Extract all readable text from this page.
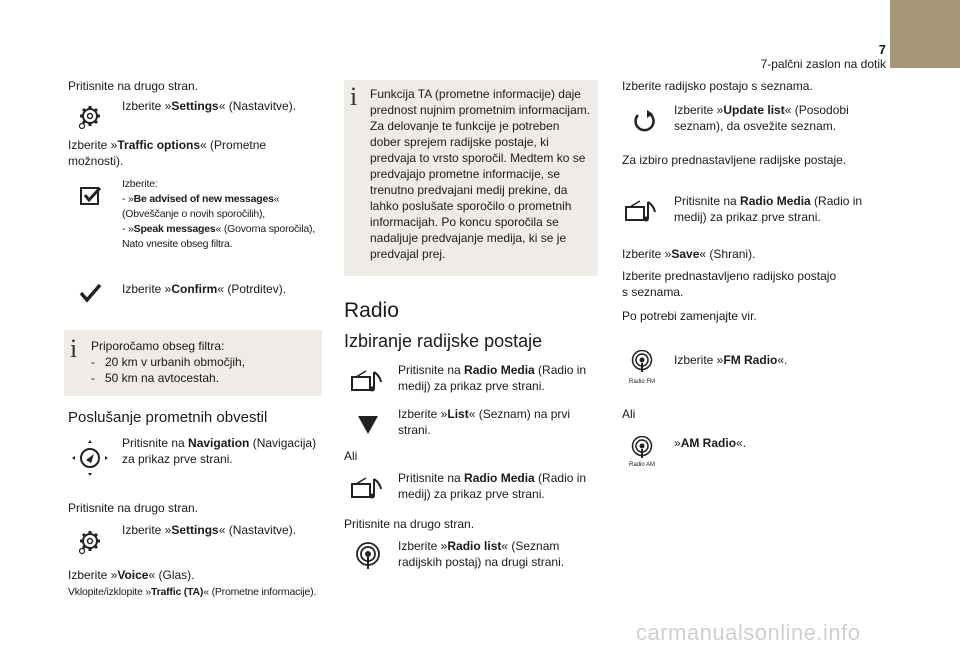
7
7-palčni zaslon na dotik

Pritisnite na drugo stran.

Izberite »Settings« (Nastavitve).

Izberite »Traffic options« (Prometne možnosti).

Izberite:
- »Be advised of new messages« (Obveščanje o novih sporočilih),
- »Speak messages« (Govorna sporočila),
Nato vnesite obseg filtra.

Izberite »Confirm« (Potrditev).

i Priporočamo obseg filtra:

-   20 km v urbanih območjih,

-   50 km na avtocestah.

Poslušanje prometnih obvestil

Pritisnite na Navigation (Navigacija) za prikaz prve strani.

Pritisnite na drugo stran.

Izberite »Settings« (Nastavitve).

Izberite »Voice« (Glas).

Vklopite/izklopite »Traffic (TA)« (Prometne informacije).

i Funkcija TA (prometne informacije) daje prednost nujnim prometnim informacijam. Za delovanje te funkcije je potreben dober sprejem radijske postaje, ki predvaja to vrsto sporočil. Medtem ko se predvajajo prometne informacije, se trenutno predvajani medij prekine, da lahko poslušate sporočilo o prometnih informacijah. Po koncu sporočila se nadaljuje predvajanje medija, ki se je predvajal prej.

Radio

Izbiranje radijske postaje

Pritisnite na Radio Media (Radio in medij) za prikaz prve strani.

Izberite »List« (Seznam) na prvi strani.

Ali

Pritisnite na Radio Media (Radio in medij) za prikaz prve strani.

Pritisnite na drugo stran.

Izberite »Radio list« (Seznam radijskih postaj) na drugi strani.

Izberite radijsko postajo s seznama.

Izberite »Update list« (Posodobi seznam), da osvežite seznam.

Za izbiro prednastavljene radijske postaje.

Pritisnite na Radio Media (Radio in medij) za prikaz prve strani.

Izberite »Save« (Shrani).

Izberite prednastavljeno radijsko postajo s seznama.

Po potrebi zamenjajte vir.

Radio FM

Izberite »FM Radio«.

Ali

Radio AM

»AM Radio«.

carmanualsonline.info
